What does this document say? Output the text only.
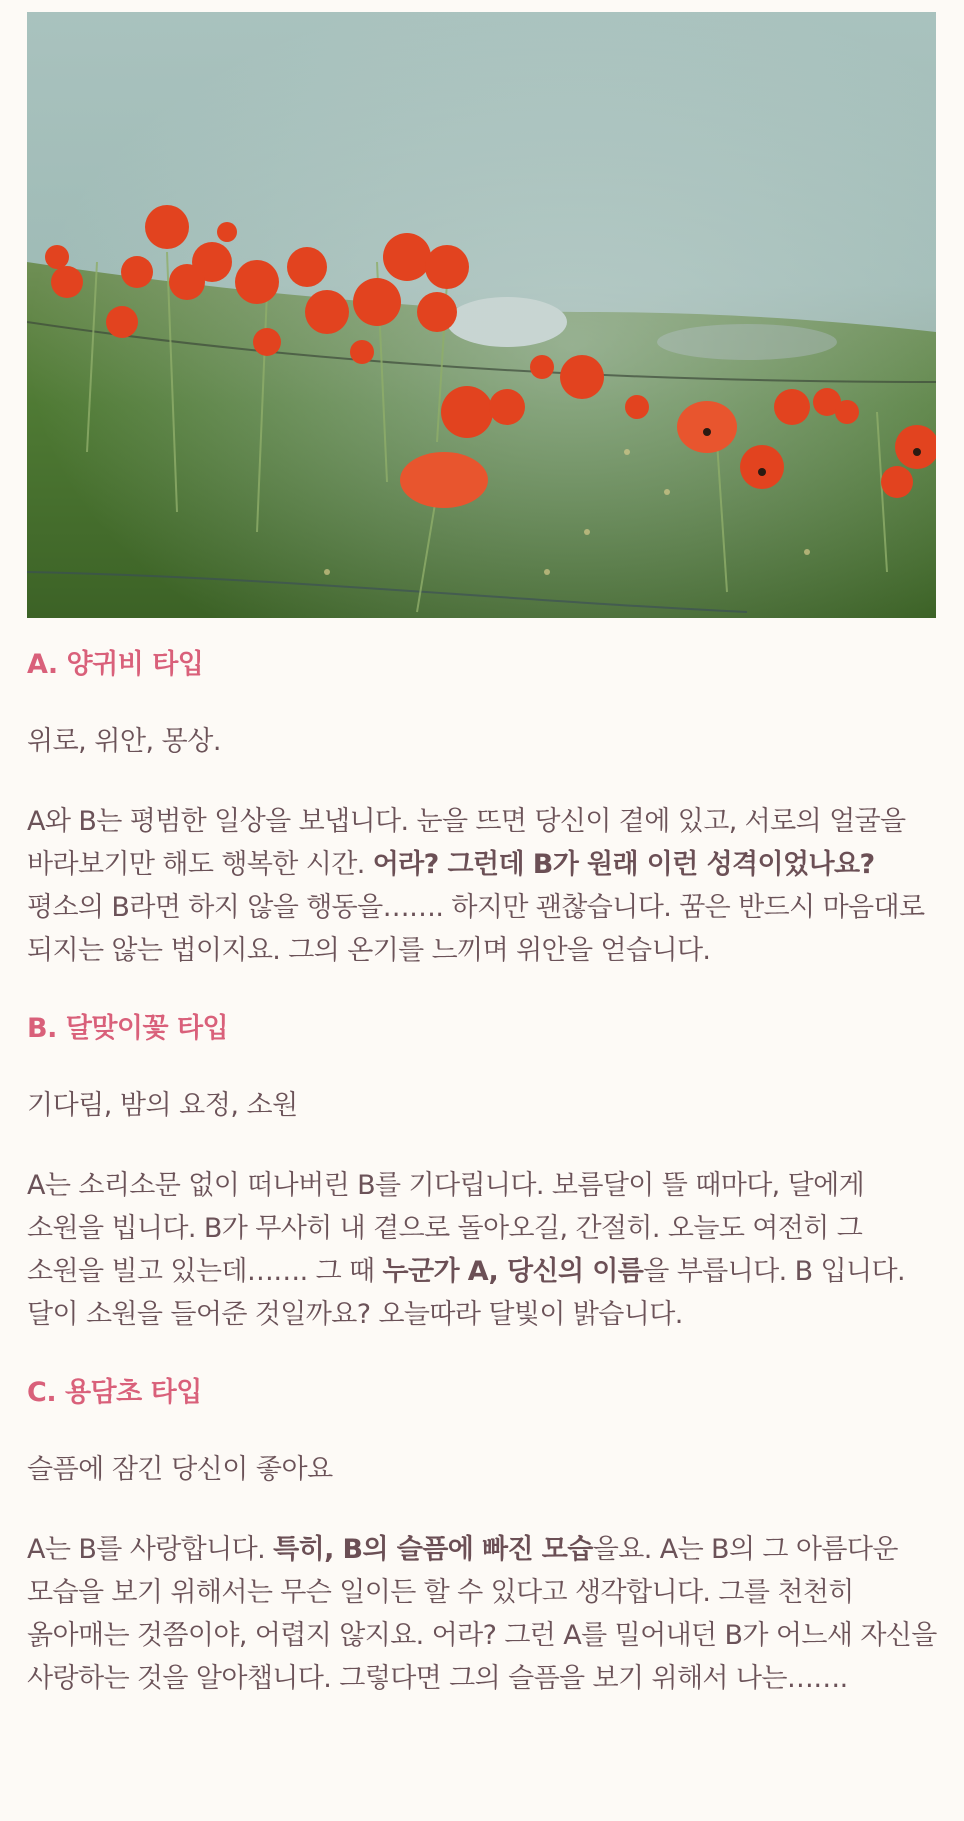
A. 양귀비 타입

위로, 위안, 몽상.

A와 B는 평범한 일상을 보냅니다. 눈을 뜨면 당신이 곁에 있고, 서로의 얼굴을 바라보기만 해도 행복한 시간. 어라? 그런데 B가 원래 이런 성격이었나요? 평소의 B라면 하지 않을 행동을……. 하지만 괜찮습니다. 꿈은 반드시 마음대로 되지는 않는 법이지요. 그의 온기를 느끼며 위안을 얻습니다.

B. 달맞이꽃 타입

기다림, 밤의 요정, 소원

A는 소리소문 없이 떠나버린 B를 기다립니다. 보름달이 뜰 때마다, 달에게 소원을 빕니다. B가 무사히 내 곁으로 돌아오길, 간절히. 오늘도 여전히 그 소원을 빌고 있는데……. 그 때 누군가 A, 당신의 이름을 부릅니다. B 입니다. 달이 소원을 들어준 것일까요? 오늘따라 달빛이 밝습니다.

C. 용담초 타입

슬픔에 잠긴 당신이 좋아요

A는 B를 사랑합니다. 특히, B의 슬픔에 빠진 모습을요. A는 B의 그 아름다운 모습을 보기 위해서는 무슨 일이든 할 수 있다고 생각합니다. 그를 천천히 옭아매는 것쯤이야, 어렵지 않지요. 어라? 그런 A를 밀어내던 B가 어느새 자신을 사랑하는 것을 알아챕니다. 그렇다면 그의 슬픔을 보기 위해서 나는…….
